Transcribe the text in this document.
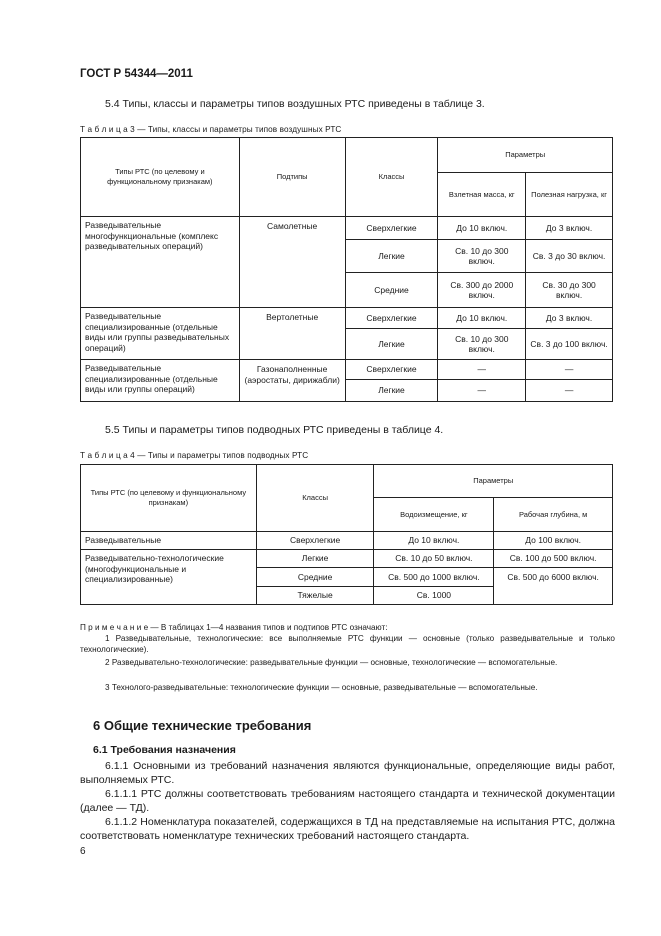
ГОСТ Р 54344—2011
5.4 Типы, классы и параметры типов воздушных РТС приведены в таблице 3.
Т а б л и ц а 3 — Типы, классы и параметры типов воздушных РТС
Типы РТС (по целевому и функциональному признакам)	Подтипы	Классы	Параметры	
			Взлетная масса, кг	Полезная нагрузка, кг
Разведывательные многофункциональные (комплекс разведывательных операций)	Самолетные	Сверхлегкие	До 10 включ.	До 3 включ.
		Легкие	Св. 10 до 300 включ.	Св. 3 до 30 включ.
		Средние	Св. 300 до 2000 включ.	Св. 30 до 300 включ.
Разведывательные специализированные (отдельные виды или группы разведывательных операций)	Вертолетные	Сверхлегкие	До 10 включ.	До 3 включ.
		Легкие	Св. 10 до 300 включ.	Св. 3 до 100 включ.
Разведывательные специализированные (отдельные виды или группы операций)	Газонаполненные (аэростаты, дирижабли)	Сверхлегкие	—	—
		Легкие	—	—
5.5 Типы и параметры типов подводных РТС приведены в таблице 4.
Т а б л и ц а 4 — Типы и параметры типов подводных РТС
Типы РТС (по целевому и функциональному признакам)	Классы	Параметры	
		Водоизмещение, кг	Рабочая глубина, м
Разведывательные	Сверхлегкие	До 10 включ.	До 100 включ.
Разведывательно-технологические (многофункциональные и специализированные)	Легкие	Св. 10 до 50 включ.	Св. 100 до 500 включ.
	Средние	Св. 500 до 1000 включ.	Св. 500 до 6000 включ.
	Тяжелые	Св. 1000	
П р и м е ч а н и е — В таблицах 1—4 названия типов и подтипов РТС означают:
1 Разведывательные, технологические: все выполняемые РТС функции — основные (только разведывательные и только технологические).
2 Разведывательно-технологические: разведывательные функции — основные, технологические — вспомогательные.
3 Технолого-разведывательные: технологические функции — основные, разведывательные — вспомогательные.
6 Общие технические требования
6.1 Требования назначения
6.1.1 Основными из требований назначения являются функциональные, определяющие виды работ, выполняемых РТС.
6.1.1.1 РТС должны соответствовать требованиям настоящего стандарта и технической документации (далее — ТД).
6.1.1.2 Номенклатура показателей, содержащихся в ТД на представляемые на испытания РТС, должна соответствовать номенклатуре технических требований настоящего стандарта.
6
